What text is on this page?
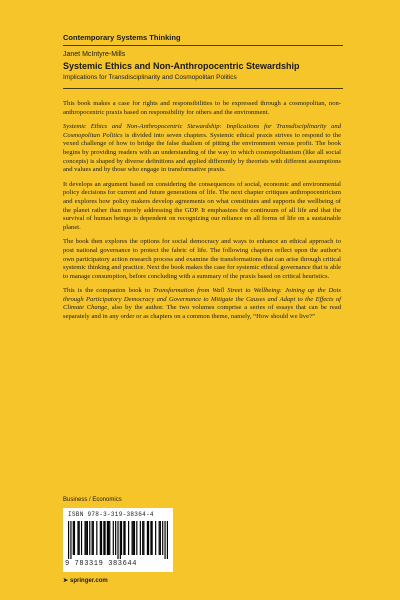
Contemporary Systems Thinking
Janet McIntyre-Mills
Systemic Ethics and Non-Anthropocentric Stewardship
Implications for Transdisciplinarity and Cosmopolitan Politics

This book makes a case for rights and responsibilities to be expressed through a cosmopolitan, non-anthropocentric praxis based on responsibility for others and the environment.

Systemic Ethics and Non-Anthropocentric Stewardship: Implications for Transdisciplinarity and Cosmopolitan Politics is divided into seven chapters. Systemic ethical praxis strives to respond to the vexed challenge of how to bridge the false dualism of pitting the environment versus profit. The book begins by providing readers with an understanding of the way in which cosmopolitanism (like all social concepts) is shaped by diverse definitions and applied differently by theorists with different assumptions and values and by those who engage in transformative praxis.

It develops an argument based on considering the consequences of social, economic and environmental policy decisions for current and future generations of life. The next chapter critiques anthropocentricism and explores how policy makers develop agreements on what constitutes and supports the wellbeing of the planet rather than merely addressing the GDP. It emphasizes the continuum of all life and that the survival of human beings is dependent on recognizing our reliance on all forms of life on a sustainable planet.

The book then explores the options for social democracy and ways to enhance an ethical approach to post national governance to protect the fabric of life. The following chapters reflect upon the author's own participatory action research process and examine the transformations that can arise through critical systemic thinking and practice. Next the book makes the case for systemic ethical governance that is able to manage consumption, before concluding with a summary of the praxis based on critical heuristics.

This is the companion book to Transformation from Wall Street to Wellbeing: Joining up the Dots through Participatory Democracy and Governance to Mitigate the Causes and Adapt to the Effects of Climate Change, also by the author. The two volumes comprise a series of essays that can be read separately and in any order or as chapters on a common theme, namely, “How should we live?”

Business / Economics
ISBN 978-3-319-38364-4
9 783319 383644
➤ springer.com
